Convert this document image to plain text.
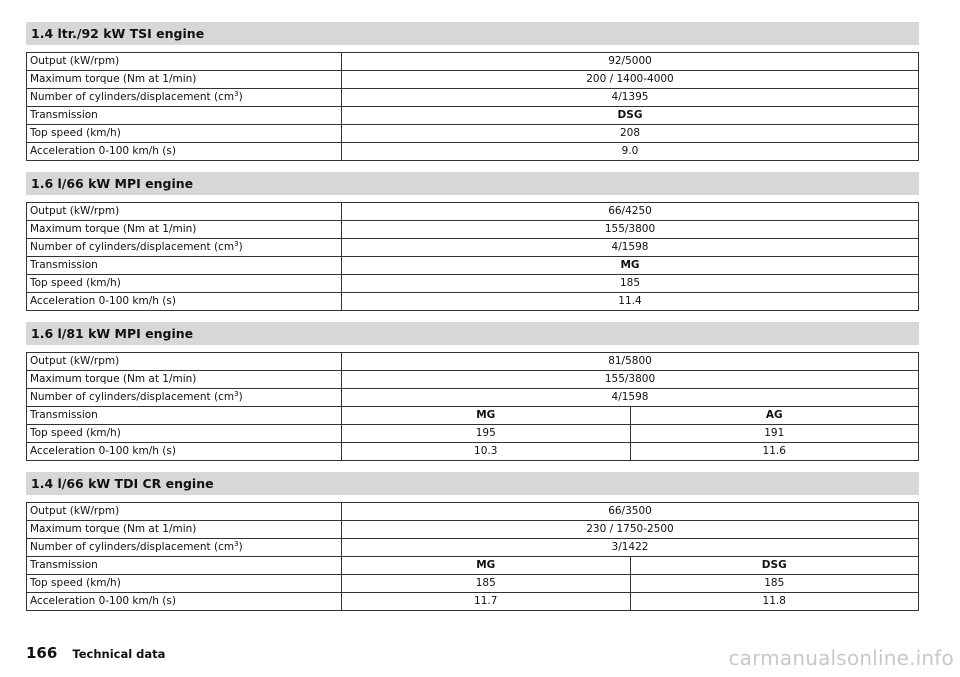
1.4 ltr./92 kW TSI engine
Output (kW/rpm)	92/5000
Maximum torque (Nm at 1/min)	200 / 1400-4000
Number of cylinders/displacement $(cm^3)$	4/1395
Transmission	DSG
Top speed (km/h)	208
Acceleration 0-100 km/h (s)	9.0
1.6 l/66 kW MPI engine
Output (kW/rpm)	66/4250
Maximum torque (Nm at 1/min)	155/3800
Number of cylinders/displacement $(cm^3)$	4/1598
Transmission	MG
Top speed (km/h)	185
Acceleration 0-100 km/h (s)	11.4
1.6 l/81 kW MPI engine
Output (kW/rpm)	81/5800	
Maximum torque (Nm at 1/min)	155/3800	
Number of cylinders/displacement $(cm^3)$	4/1598	
Transmission	MG	AG
Top speed (km/h)	195	191
Acceleration 0-100 km/h (s)	10.3	11.6
1.4 l/66 kW TDI CR engine
Output (kW/rpm)	66/3500	
Maximum torque (Nm at 1/min)	230 / 1750-2500	
Number of cylinders/displacement $(cm^3)$	3/1422	
Transmission	MG	DSG
Top speed (km/h)	185	185
Acceleration 0-100 km/h (s)	11.7	11.8
166 Technical data	carmanualsonline.info
